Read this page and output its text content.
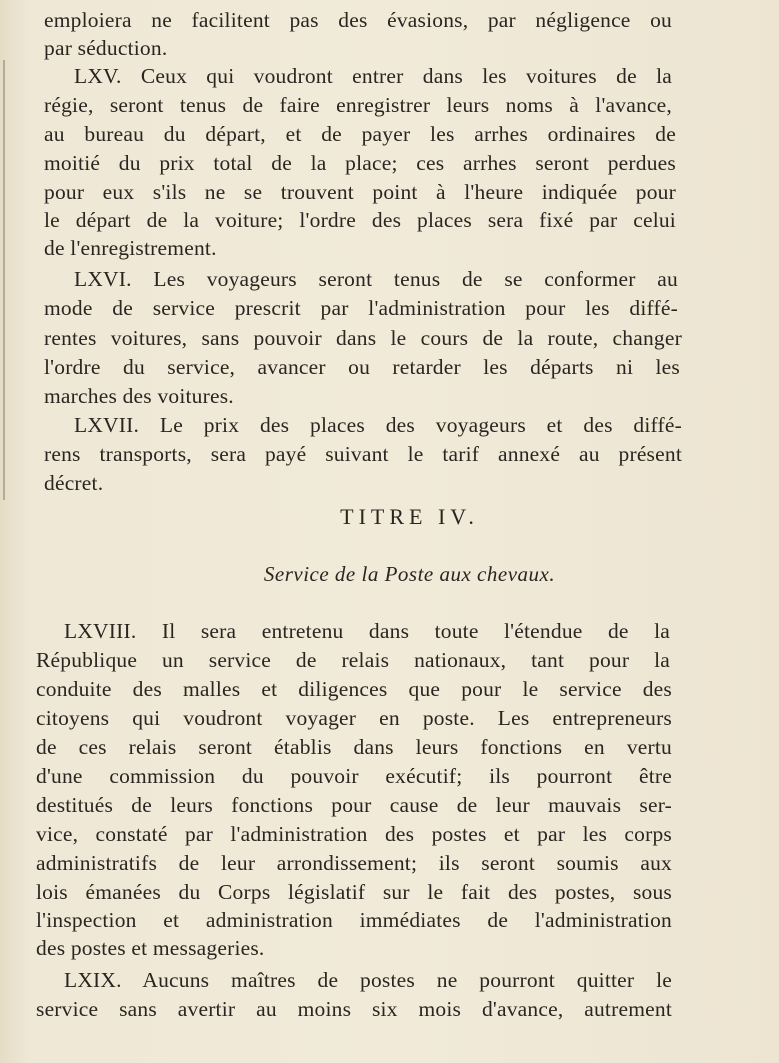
emploiera ne facilitent pas des évasions, par négligence ou
par séduction.
LXV. Ceux qui voudront entrer dans les voitures de la
régie, seront tenus de faire enregistrer leurs noms à l'avance,
au bureau du départ, et de payer les arrhes ordinaires de
moitié du prix total de la place; ces arrhes seront perdues
pour eux s'ils ne se trouvent point à l'heure indiquée pour
le départ de la voiture; l'ordre des places sera fixé par celui
de l'enregistrement.
LXVI. Les voyageurs seront tenus de se conformer au
mode de service prescrit par l'administration pour les diffé-
rentes voitures, sans pouvoir dans le cours de la route, changer
l'ordre du service, avancer ou retarder les départs ni les
marches des voitures.
LXVII. Le prix des places des voyageurs et des diffé-
rens transports, sera payé suivant le tarif annexé au présent
décret.
TITRE IV.
Service de la Poste aux chevaux.
LXVIII. Il sera entretenu dans toute l'étendue de la
République un service de relais nationaux, tant pour la
conduite des malles et diligences que pour le service des
citoyens qui voudront voyager en poste. Les entrepreneurs
de ces relais seront établis dans leurs fonctions en vertu
d'une commission du pouvoir exécutif; ils pourront être
destitués de leurs fonctions pour cause de leur mauvais ser-
vice, constaté par l'administration des postes et par les corps
administratifs de leur arrondissement; ils seront soumis aux
lois émanées du Corps législatif sur le fait des postes, sous
l'inspection et administration immédiates de l'administration
des postes et messageries.
LXIX. Aucuns maîtres de postes ne pourront quitter le
service sans avertir au moins six mois d'avance, autrement
